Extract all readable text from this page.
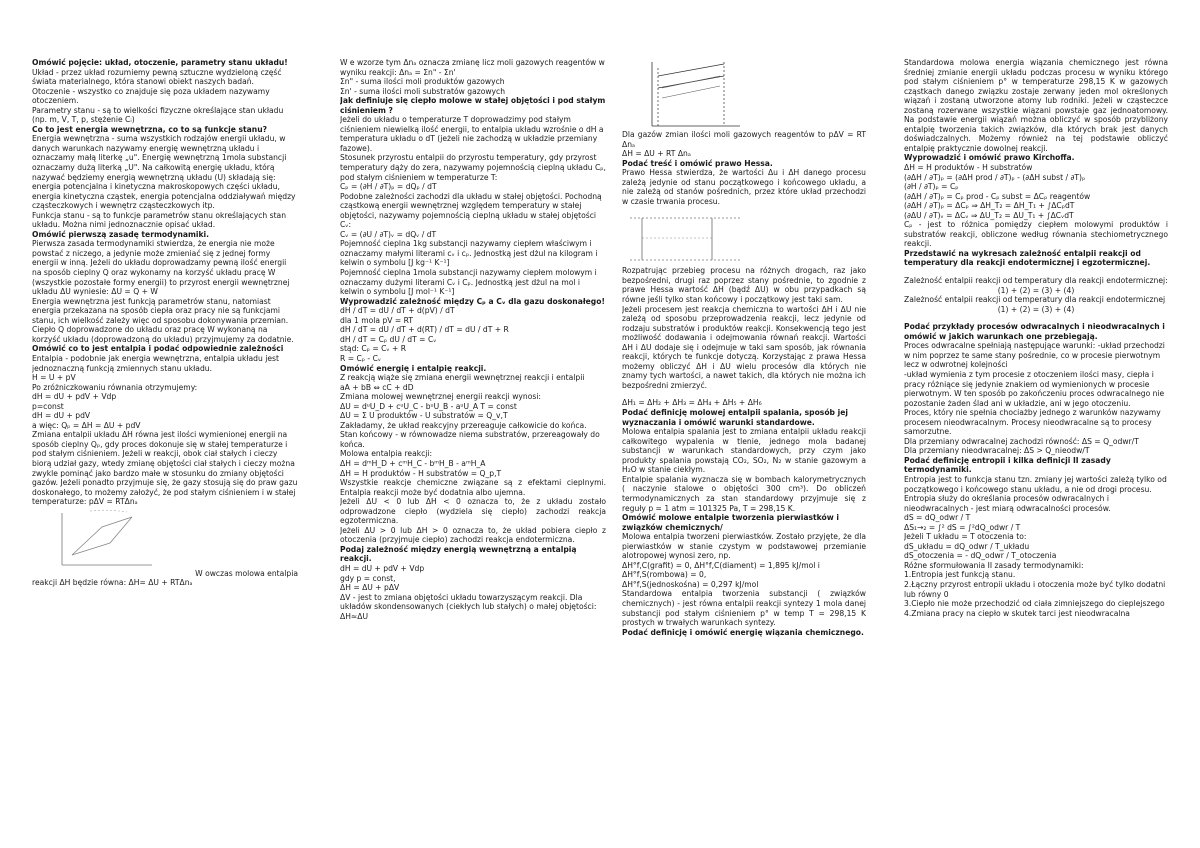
Omówić pojęcie: układ, otoczenie, parametry stanu układu!

Układ - przez układ rozumiemy pewną sztuczne wydzieloną część świata materialnego, która stanowi obiekt naszych badań.

Otoczenie - wszystko co znajduje się poza układem nazywamy otoczeniem.

Parametry stanu - są to wielkości fizyczne określające stan układu (np. m, V, T, p, stężenie Cᵢ)

Co to jest energia wewnętrzna, co to są funkcje stanu?

Energia wewnętrzna - suma wszystkich rodzajów energii układu, w danych warunkach nazywamy energię wewnętrzną układu i oznaczamy małą literkę „u". Energię wewnętrzną 1mola substancji oznaczamy dużą literką „U". Na całkowitą energię układu, którą nazywać będziemy energią wewnętrzną układu (U) składają się: energia potencjalna i kinetyczna makroskopowych części układu, energia kinetyczna cząstek, energia potencjalna oddziaływań między cząsteczkowych i wewnętrz cząsteczkowych itp.

Funkcja stanu - są to funkcje parametrów stanu określających stan układu. Można nimi jednoznacznie opisać układ.

Omówić pierwszą zasadę termodynamiki.

Pierwsza zasada termodynamiki stwierdza, że energia nie może powstać z niczego, a jedynie może zmieniać się z jednej formy energii w inną. Jeżeli do układu doprowadzamy pewną ilość energii na sposób cieplny Q oraz wykonamy na korzyść układu pracę W (wszystkie pozostałe formy energii) to przyrost energii wewnętrznej układu ΔU wyniesie: ΔU = Q + W

Energia wewnętrzna jest funkcją parametrów stanu, natomiast energia przekazana na sposób ciepła oraz pracy nie są funkcjami stanu, ich wielkość zależy więc od sposobu dokonywania przemian. Ciepło Q doprowadzone do układu oraz pracę W wykonaną na korzyść układu (doprowadzoną do układu) przyjmujemy za dodatnie.

Omówić co to jest entalpia i podać odpowiednie zależności

Entalpia - podobnie jak energia wewnętrzna, entalpia układu jest jednoznaczną funkcją zmiennych stanu układu.

H = U + pV

Po zróżniczkowaniu równania otrzymujemy:

dH = dU + pdV + Vdp

p=const

dH = dU + pdV

a więc: Qₚ = ΔH = ΔU + pdV

Zmiana entalpii układu ΔH równa jest ilości wymienionej energii na sposób cieplny Qₚ, gdy proces dokonuje się w stałej temperaturze i pod stałym ciśnieniem. Jeżeli w reakcji, obok ciał stałych i cieczy biorą udział gazy, wtedy zmianę objętości ciał stałych i cieczy można zwykle pominąć jako bardzo małe w stosunku do zmiany objętości gazów. Jeżeli ponadto przyjmuje się, że gazy stosują się do praw gazu doskonałego, to możemy założyć, że pod stałym ciśnieniem i w stałej temperaturze: pΔV = RTΔnₐ

W owczas molowa entalpia

reakcji ΔH będzie równa: ΔH= ΔU + RTΔnₐ

W e wzorze tym Δnₐ oznacza zmianę licz moli gazowych reagentów w wyniku reakcji: Δnₐ = Σn" - Σn'

Σn" - suma ilości moli produktów gazowych

Σn' - suma ilości moli substratów gazowych

Jak definiuje się ciepło molowe w stałej objętości i pod stałym ciśnieniem ?

Jeżeli do układu o temperaturze T doprowadzimy pod stałym ciśnieniem niewielką ilość energii, to entalpia układu wzrośnie o dH a temperatura układu o dT (jeżeli nie zachodzą w układzie przemiany fazowe).

Stosunek przyrostu entalpii do przyrostu temperatury, gdy przyrost temperatury dąży do zera, nazywamy pojemnością cieplną układu Cₚ, pod stałym ciśnieniem w temperaturze T:

Cₚ = (∂H / ∂T)ₚ = dQₚ / dT

Podobne zależności zachodzi dla układu w stałej objętości. Pochodną cząstkową energii wewnętrznej względem temperatury w stałej objętości, nazywamy pojemnością cieplną układu w stałej objętości Cᵥ:

Cᵥ = (∂U / ∂T)ᵥ = dQᵥ / dT

Pojemność cieplna 1kg substancji nazywamy ciepłem właściwym i oznaczamy małymi literami cᵥ i cₚ. Jednostką jest dżul na kilogram i kelwin o symbolu [J kg⁻¹ K⁻¹]

Pojemność cieplna 1mola substancji nazywamy ciepłem molowym i oznaczamy dużymi literami Cᵥ i Cₚ. Jednostką jest dżul na mol i kelwin o symbolu [J mol⁻¹ K⁻¹]

Wyprowadzić zależność między Cₚ a Cᵥ dla gazu doskonałego!

dH / dT = dU / dT + d(pV) / dT

dla 1 mola pV = RT

dH / dT = dU / dT + d(RT) / dT = dU / dT + R

dH / dT = Cₚ dU / dT = Cᵥ

stąd: Cₚ = Cᵥ + R

R = Cₚ - Cᵥ

Omówić energię i entalpię reakcji.

Z reakcją wiąże się zmiana energii wewnętrznej reakcji i entalpii

aA + bB ⇔ cC + dD

Zmiana molowej wewnętrznej energii reakcji wynosi:

ΔU = dᵘU_D + cᵘU_C - bᵘU_B - aᵘU_A T = const

ΔU = Σ U produktów - U substratów = Q_v,T

Zakładamy, że układ reakcyjny przereaguje całkowicie do końca. Stan końcowy - w równowadze niema substratów, przereagowały do końca.

Molowa entalpia reakcji:

ΔH = dᵐH_D + cᵐH_C - bᵐH_B - aᵐH_A

ΔH = H produktów - H substratów = Q_p,T

Wszystkie reakcje chemiczne związane są z efektami cieplnymi. Entalpia reakcji może być dodatnia albo ujemna.

Jeżeli ΔU < 0 lub ΔH < 0 oznacza to, że z układu zostało odprowadzone ciepło (wydziela się ciepło) zachodzi reakcja egzotermiczna.

Jeżeli ΔU > 0 lub ΔH > 0 oznacza to, że układ pobiera ciepło z otoczenia (przyjmuje ciepło) zachodzi reakcja endotermiczna.

Podaj zależność między energią wewnętrzną a entalpią reakcji.

dH = dU + pdV + Vdp

gdy p = const,

ΔH = ΔU + pΔV

ΔV - jest to zmiana objętości układu towarzyszącym reakcji. Dla układów skondensowanych (ciekłych lub stałych) o małej objętości: ΔH≈ΔU

Dla gazów zmian ilości moli gazowych reagentów to pΔV = RT Δnₐ

ΔH = ΔU + RT Δnₐ

Podać treść i omówić prawo Hessa.

Prawo Hessa stwierdza, że wartości Δu i ΔH danego procesu zależą jedynie od stanu początkowego i końcowego układu, a nie zależą od stanów pośrednich, przez które układ przechodzi w czasie trwania procesu.

Rozpatrując przebieg procesu na różnych drogach, raz jako bezpośredni, drugi raz poprzez stany pośrednie, to zgodnie z prawe Hessa wartość ΔH (bądź ΔU) w obu przypadkach są równe jeśli tylko stan końcowy i początkowy jest taki sam.

Jeżeli procesem jest reakcja chemiczna to wartości ΔH i ΔU nie zależą od sposobu przeprowadzenia reakcji, lecz jedynie od rodzaju substratów i produktów reakcji. Konsekwencją tego jest możliwość dodawania i odejmowania równań reakcji. Wartości ΔH i ΔU dodaje się i odejmuje w taki sam sposób, jak równania reakcji, których te funkcje dotyczą. Korzystając z prawa Hessa możemy obliczyć ΔH i ΔU wielu procesów dla których nie znamy tych wartości, a nawet takich, dla których nie można ich bezpośredni zmierzyć.

ΔH₁ = ΔH₂ + ΔH₃ = ΔH₄ + ΔH₅ + ΔH₆

Podać definicję molowej entalpii spalania, sposób jej wyznaczania i omówić warunki standardowe.

Molowa entalpia spalania jest to zmiana entalpii układu reakcji całkowitego wypalenia w tlenie, jednego mola badanej substancji w warunkach standardowych, przy czym jako produkty spalania powstają CO₂, SO₂, N₂ w stanie gazowym a H₂O w stanie ciekłym.

Entalpie spalania wyznacza się w bombach kalorymetrycznych ( naczynie stalowe o objętości 300 cm³). Do obliczeń termodynamicznych za stan standardowy przyjmuje się z reguły p = 1 atm = 101325 Pa, T = 298,15 K.

Omówić molowe entalpie tworzenia pierwiastków i związków chemicznych/

Molowa entalpia tworzeni pierwiastków. Zostało przyjęte, że dla pierwiastków w stanie czystym w podstawowej przemianie alotropowej wynosi zero, np.

ΔH°f,C(grafit) = 0, ΔH°f,C(diament) = 1,895 kJ/mol i

ΔH°f,S(rombowa) = 0,

ΔH°f,S(jednoskośna) = 0,297 kJ/mol

Standardowa entalpia tworzenia substancji ( związków chemicznych) - jest równa entalpii reakcji syntezy 1 mola danej substancji pod stałym ciśnieniem p° w temp T = 298,15 K prostych w trwałych warunkach syntezy.

Podać definicję i omówić energię wiązania chemicznego.

Standardowa molowa energia wiązania chemicznego jest równa średniej zmianie energii układu podczas procesu w wyniku którego pod stałym ciśnieniem p° w temperaturze 298,15 K w gazowych cząstkach danego związku zostaje zerwany jeden mol określonych wiązań i zostaną utworzone atomy lub rodniki. Jeżeli w cząsteczce zostaną rozerwane wszystkie wiązani powstaje gaz jednoatomowy. Na podstawie energii wiązań można obliczyć w sposób przybliżony entalpię tworzenia takich związków, dla których brak jest danych doświadczalnych. Możemy również na tej podstawie obliczyć entalpię praktycznie dowolnej reakcji.

Wyprowadzić i omówić prawo Kirchoffa.

ΔH = H produktów - H substratów

(∂ΔH / ∂T)ₚ = (∂ΔH prod / ∂T)ₚ - (∂ΔH subst / ∂T)ₚ

(∂H / ∂T)ₚ = Cₚ

(∂ΔH / ∂T)ₚ = Cₚ prod - Cₚ subst = ΔCₚ reagentów

(∂ΔH / ∂T)ₚ = ΔCₚ ⇒ ΔH_T₂ = ΔH_T₁ + ∫ΔCₚdT

(∂ΔU / ∂T)ᵥ = ΔCᵥ ⇒ ΔU_T₂ = ΔU_T₁ + ∫ΔCᵥdT

Cₚ - jest to różnica pomiędzy ciepłem molowymi produktów i substratów reakcji, obliczone według równania stechiometrycznego reakcji.

Przedstawić na wykresach zależność entalpii reakcji od temperatury dla reakcji endotermicznej i egzotermicznej.

Zależność entalpii reakcji od temperatury dla reakcji endotermicznej:

(1) + (2) = (3) + (4)

Zależność entalpii reakcji od temperatury dla reakcji endotermicznej

(1) + (2) = (3) + (4)

Podać przykłady procesów odwracalnych i nieodwracalnych i omówić w jakich warunkach one przebiegają.

Proces odwracalne spełniają następujące warunki: -układ przechodzi w nim poprzez te same stany pośrednie, co w procesie pierwotnym lecz w odwrotnej kolejności

-układ wymienia z tym procesie z otoczeniem ilości masy, ciepła i pracy różniące się jedynie znakiem od wymienionych w procesie pierwotnym. W ten sposób po zakończeniu proces odwracalnego nie pozostanie żaden ślad ani w układzie, ani w jego otoczeniu.

Proces, który nie spełnia chociażby jednego z warunków nazywamy procesem nieodwracalnym. Procesy nieodwracalne są to procesy samorzutne.

Dla przemiany odwracalnej zachodzi równość: ΔS = Q_odwr/T

Dla przemiany nieodwracalnej: ΔS > Q_nieodw/T

Podać definicję entropii i kilka definicji II zasady termodynamiki.

Entropia jest to funkcja stanu tzn. zmiany jej wartości zależą tylko od początkowego i końcowego stanu układu, a nie od drogi procesu. Entropia służy do określania procesów odwracalnych i nieodwracalnych - jest miarą odwracalności procesów.

dS = dQ_odwr / T

ΔS₁→₂ = ∫² dS = ∫²dQ_odwr / T

Jeżeli T układu = T otoczenia to:

dS_układu = dQ_odwr / T_układu

dS_otoczenia = - dQ_odwr / T_otoczenia

Różne sformułowania II zasady termodynamiki:

1.Entropia jest funkcją stanu.

2.Łączny przyrost entropii układu i otoczenia może być tylko dodatni lub równy 0

3.Ciepło nie może przechodzić od ciała zimniejszego do cieplejszego

4.Zmiana pracy na ciepło w skutek tarci jest nieodwracalna
